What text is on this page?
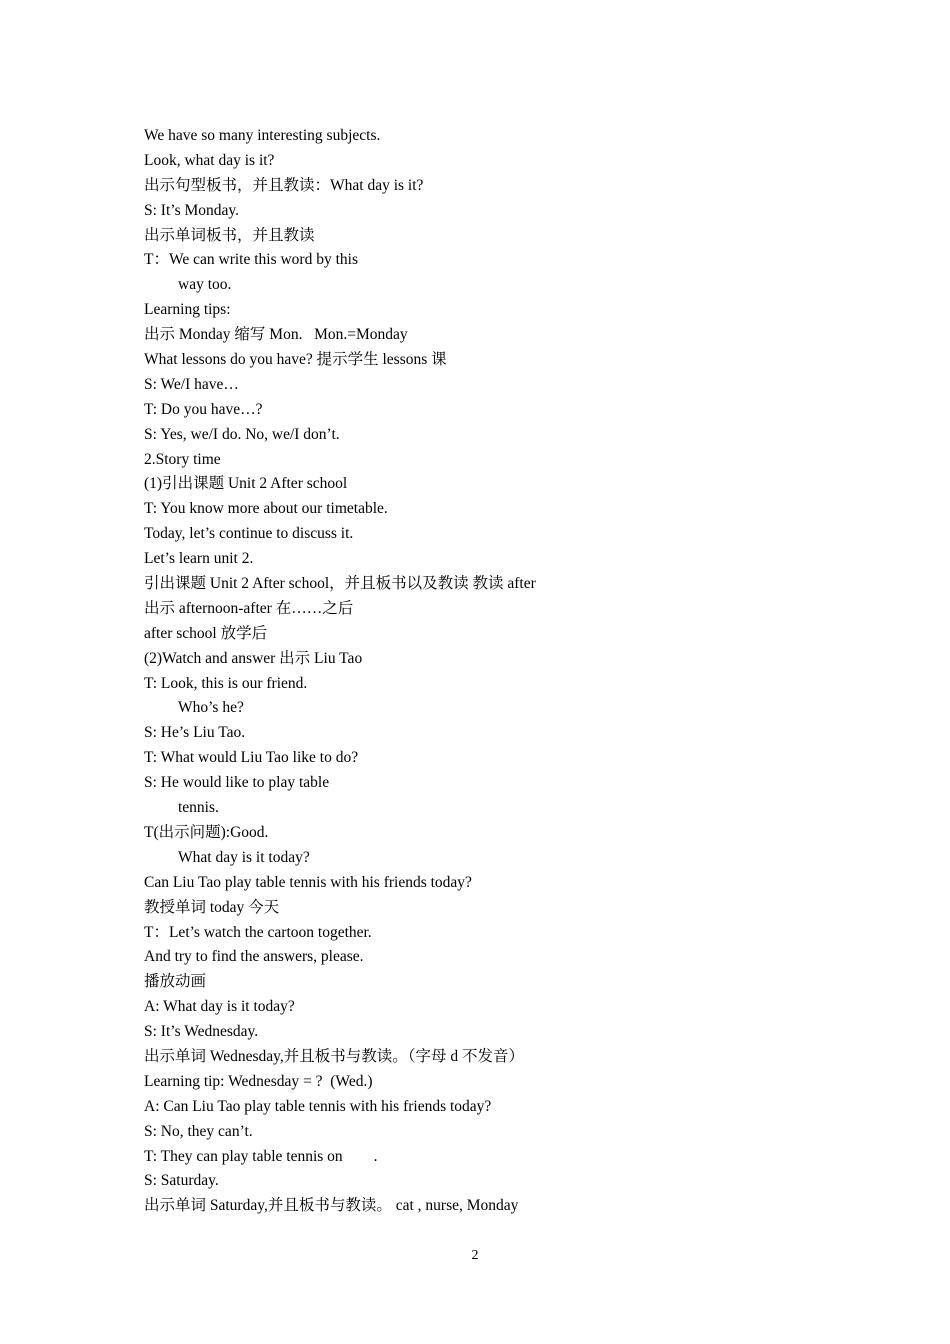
We have so many interesting subjects.
Look, what day is it?
出示句型板书，并且教读：What day is it?
S: It’s Monday.
出示单词板书，并且教读
T：We can write this word by this
way too.
Learning tips:
出示 Monday 缩写 Mon.   Mon.=Monday
What lessons do you have? 提示学生 lessons 课
S: We/I have…
T: Do you have…?
S: Yes, we/I do. No, we/I don’t.
2.Story time
(1)引出课题 Unit 2 After school
T: You know more about our timetable.
Today, let’s continue to discuss it.
Let’s learn unit 2.
引出课题 Unit 2 After school，并且板书以及教读 教读 after
出示 afternoon-after 在……之后
after school 放学后
(2)Watch and answer 出示 Liu Tao
T: Look, this is our friend.
Who’s he?
S: He’s Liu Tao.
T: What would Liu Tao like to do?
S: He would like to play table
tennis.
T(出示问题):Good.
What day is it today?
Can Liu Tao play table tennis with his friends today?
教授单词 today 今天
T：Let’s watch the cartoon together.
And try to find the answers, please.
播放动画
A: What day is it today?
S: It’s Wednesday.
出示单词 Wednesday,并且板书与教读。（字母 d 不发音）
Learning tip: Wednesday = ?  (Wed.)
A: Can Liu Tao play table tennis with his friends today?
S: No, they can’t.
T: They can play table tennis on        .
S: Saturday.
出示单词 Saturday,并且板书与教读。 cat , nurse, Monday
2
